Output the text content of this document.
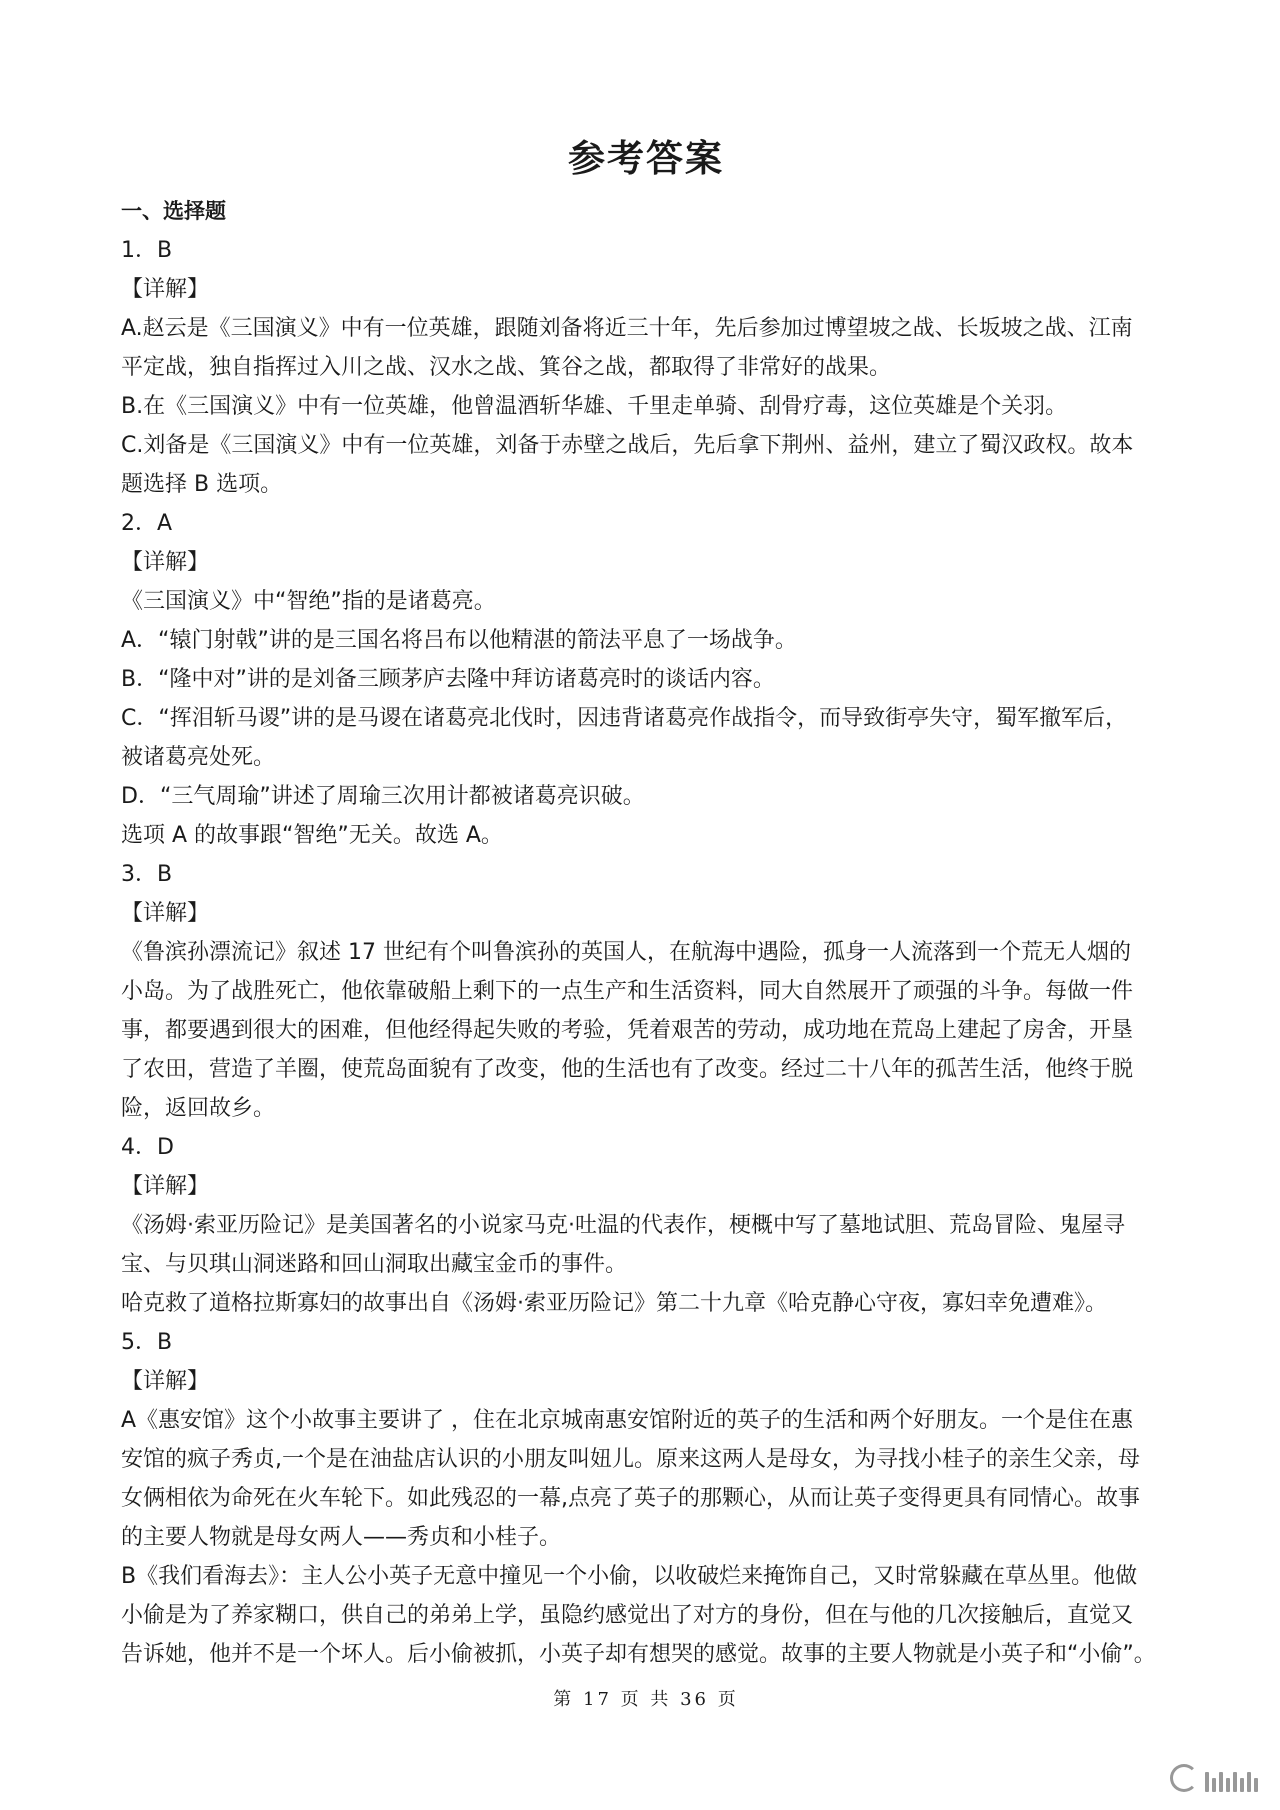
参考答案
一、选择题
1．B
【详解】
A.赵云是《三国演义》中有一位英雄，跟随刘备将近三十年，先后参加过博望坡之战、长坂坡之战、江南
平定战，独自指挥过入川之战、汉水之战、箕谷之战，都取得了非常好的战果。
B.在《三国演义》中有一位英雄，他曾温酒斩华雄、千里走单骑、刮骨疗毒，这位英雄是个关羽。
C.刘备是《三国演义》中有一位英雄，刘备于赤壁之战后，先后拿下荆州、益州，建立了蜀汉政权。故本
题选择 B 选项。
2．A
【详解】
《三国演义》中“智绝”指的是诸葛亮。
A．“辕门射戟”讲的是三国名将吕布以他精湛的箭法平息了一场战争。
B．“隆中对”讲的是刘备三顾茅庐去隆中拜访诸葛亮时的谈话内容。
C．“挥泪斩马谡”讲的是马谡在诸葛亮北伐时，因违背诸葛亮作战指令，而导致街亭失守，蜀军撤军后，
被诸葛亮处死。
D．“三气周瑜”讲述了周瑜三次用计都被诸葛亮识破。
选项 A 的故事跟“智绝”无关。故选 A。
3．B
【详解】
《鲁滨孙漂流记》叙述 17 世纪有个叫鲁滨孙的英国人，在航海中遇险，孤身一人流落到一个荒无人烟的
小岛。为了战胜死亡，他依靠破船上剩下的一点生产和生活资料，同大自然展开了顽强的斗争。每做一件
事，都要遇到很大的困难，但他经得起失败的考验，凭着艰苦的劳动，成功地在荒岛上建起了房舍，开垦
了农田，营造了羊圈，使荒岛面貌有了改变，他的生活也有了改变。经过二十八年的孤苦生活，他终于脱
险，返回故乡。
4．D
【详解】
《汤姆·索亚历险记》是美国著名的小说家马克·吐温的代表作，梗概中写了墓地试胆、荒岛冒险、鬼屋寻
宝、与贝琪山洞迷路和回山洞取出藏宝金币的事件。
哈克救了道格拉斯寡妇的故事出自《汤姆·索亚历险记》第二十九章《哈克静心守夜，寡妇幸免遭难》。
5．B
【详解】
A《惠安馆》这个小故事主要讲了 ，住在北京城南惠安馆附近的英子的生活和两个好朋友。一个是住在惠
安馆的疯子秀贞,一个是在油盐店认识的小朋友叫妞儿。原来这两人是母女，为寻找小桂子的亲生父亲，母
女俩相依为命死在火车轮下。如此残忍的一幕,点亮了英子的那颗心，从而让英子变得更具有同情心。故事
的主要人物就是母女两人——秀贞和小桂子。
B《我们看海去》：主人公小英子无意中撞见一个小偷，以收破烂来掩饰自己，又时常躲藏在草丛里。他做
小偷是为了养家糊口，供自己的弟弟上学，虽隐约感觉出了对方的身份，但在与他的几次接触后，直觉又
告诉她，他并不是一个坏人。后小偷被抓，小英子却有想哭的感觉。故事的主要人物就是小英子和“小偷”。
第 17 页 共 36 页
